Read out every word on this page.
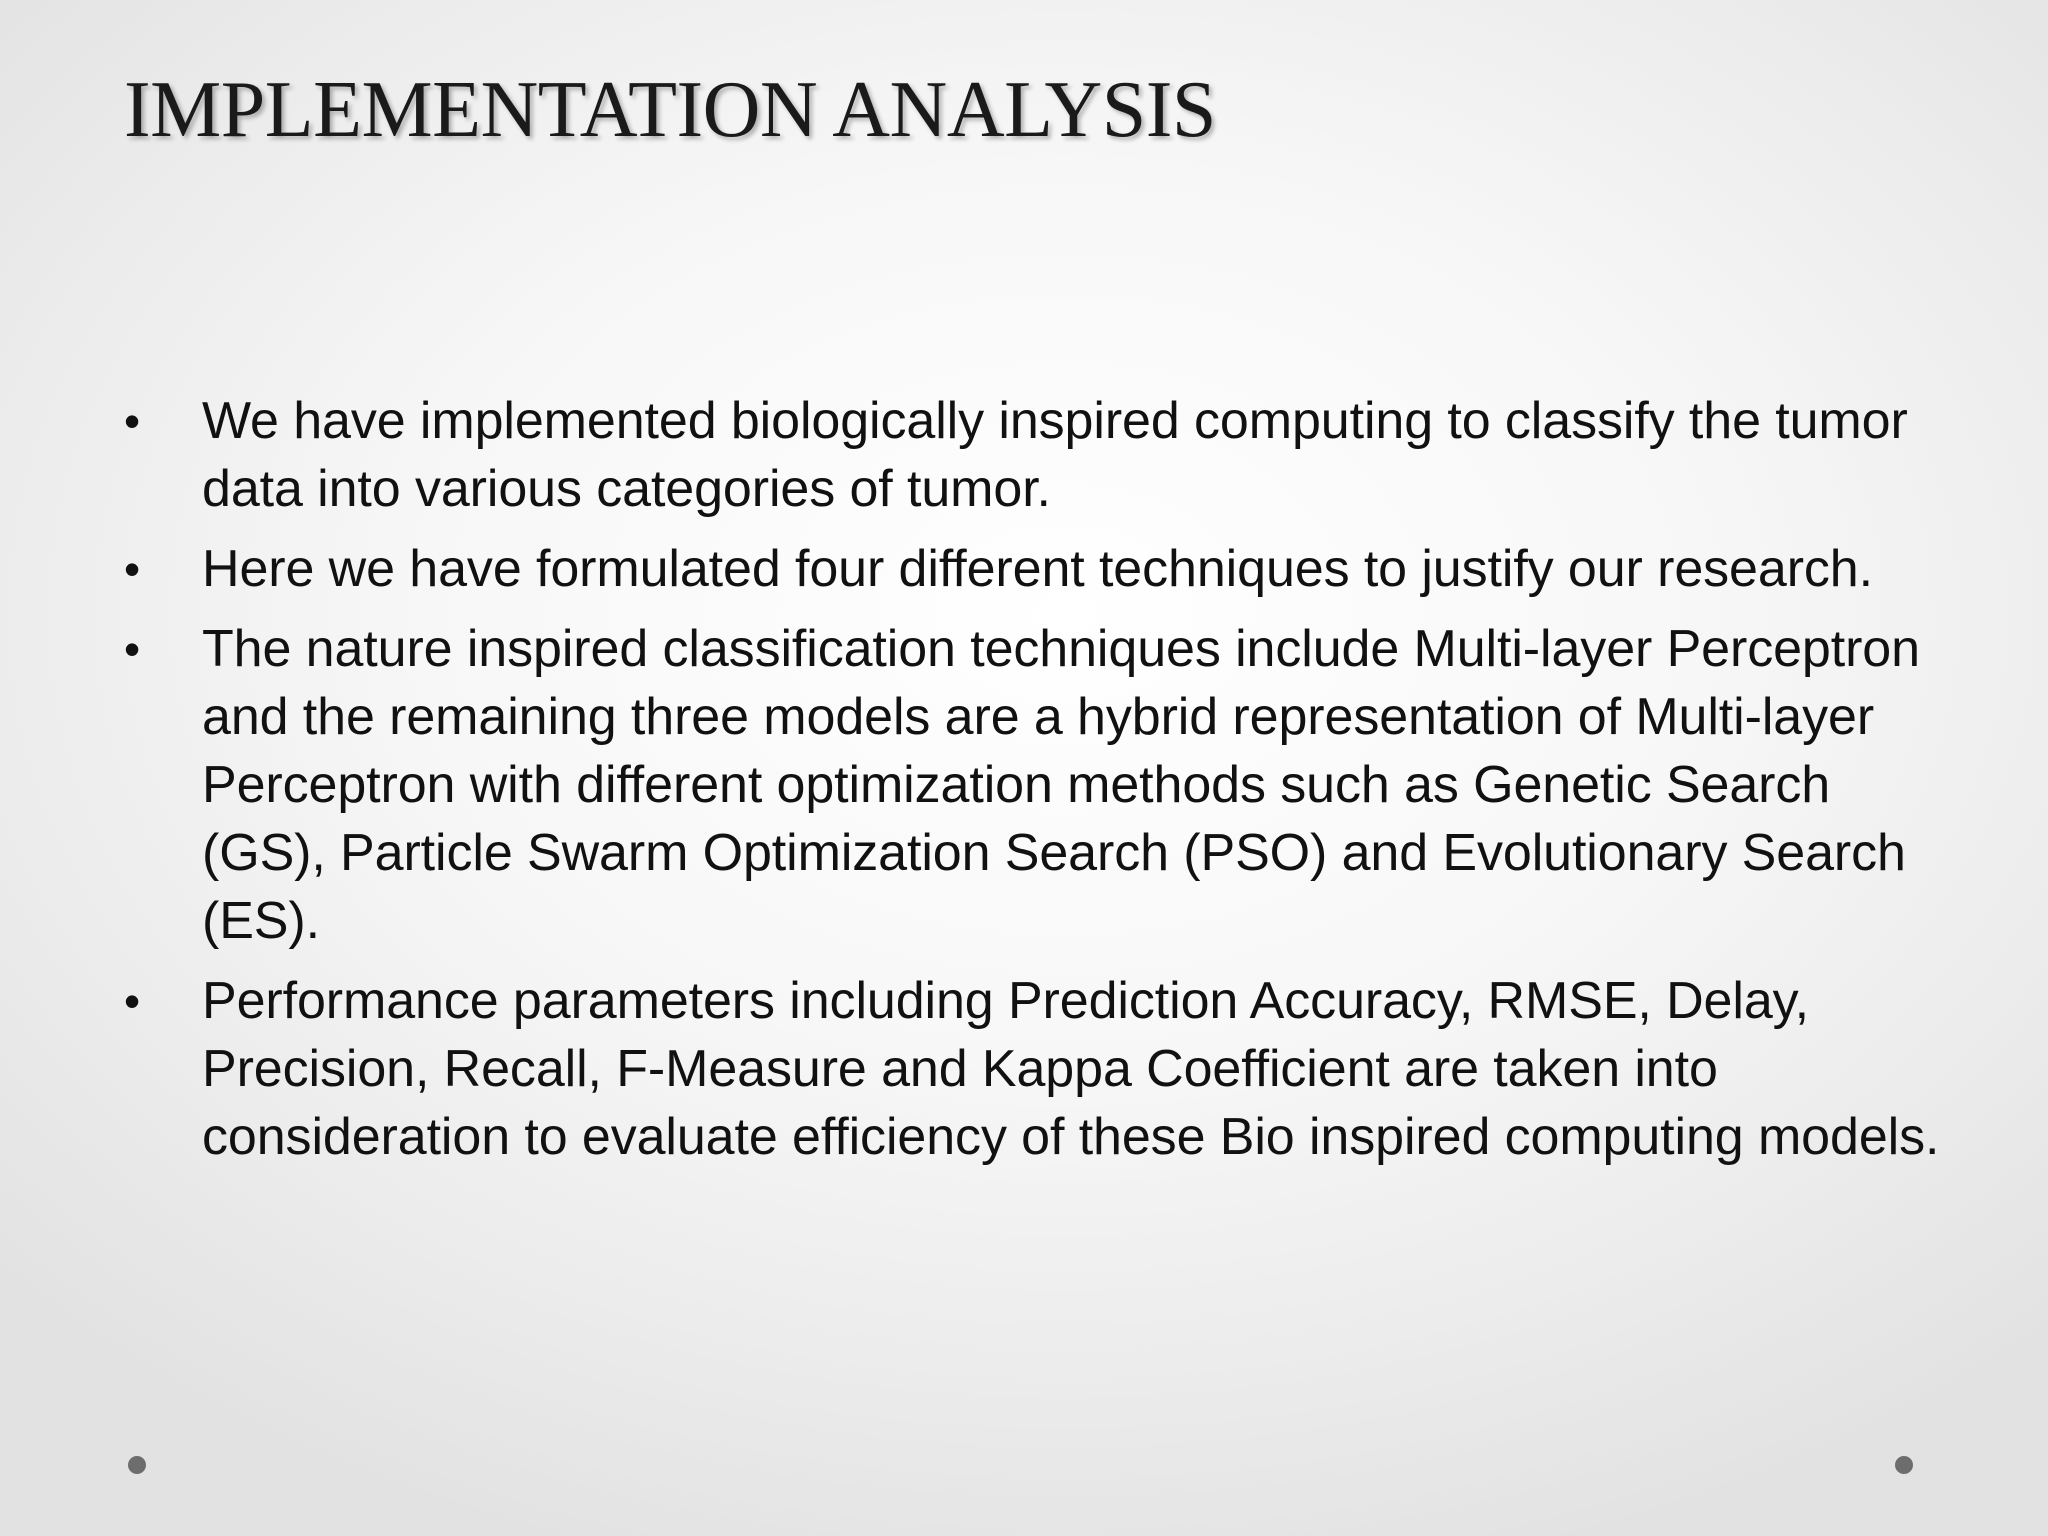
IMPLEMENTATION ANALYSIS
•	We have implemented biologically inspired computing to classify the tumor data into various categories of tumor.
•	Here we have formulated four different techniques to justify our research.
•	The nature inspired classification techniques include Multi-layer Perceptron and the remaining three models are a hybrid representation of Multi-layer Perceptron with different optimization methods such as Genetic Search (GS), Particle Swarm Optimization Search (PSO) and Evolutionary Search (ES).
•	Performance parameters including Prediction Accuracy, RMSE, Delay, Precision, Recall, F-Measure and Kappa Coefficient are taken into consideration to evaluate efficiency of these Bio inspired computing models.
